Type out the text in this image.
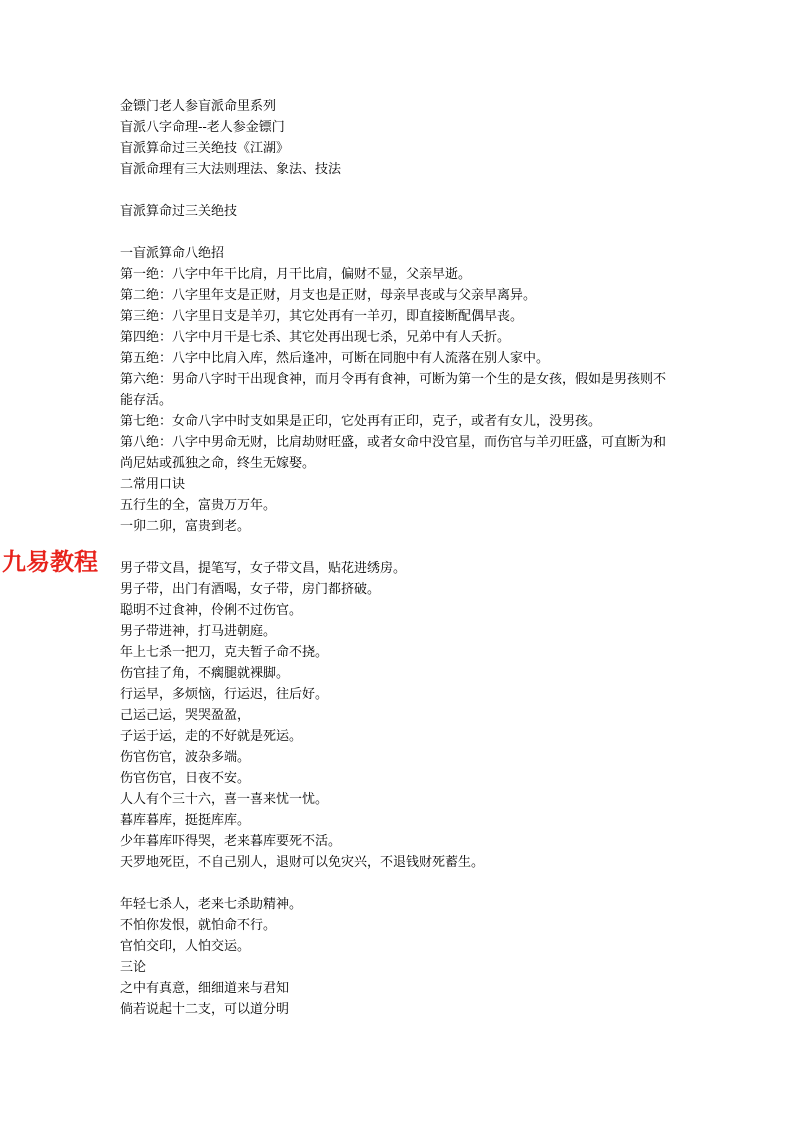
金镖门老人参盲派命里系列
盲派八字命理--老人参金镖门
盲派算命过三关绝技《江湖》
盲派命理有三大法则理法、象法、技法
盲派算命过三关绝技
一盲派算命八绝招
第一绝：八字中年干比肩，月干比肩，偏财不显，父亲早逝。
第二绝：八字里年支是正财，月支也是正财，母亲早丧或与父亲早离异。
第三绝：八字里日支是羊刃，其它处再有一羊刃，即直接断配偶早丧。
第四绝：八字中月干是七杀、其它处再出现七杀，兄弟中有人夭折。
第五绝：八字中比肩入库，然后逢冲，可断在同胞中有人流落在别人家中。
第六绝：男命八字时干出现食神，而月令再有食神，可断为第一个生的是女孩，假如是男孩则不能存活。
第七绝：女命八字中时支如果是正印，它处再有正印，克子，或者有女儿，没男孩。
第八绝：八字中男命无财，比肩劫财旺盛，或者女命中没官星，而伤官与羊刃旺盛，可直断为和尚尼姑或孤独之命，终生无嫁娶。
二常用口诀
五行生的全，富贵万万年。
一卯二卯，富贵到老。
男子带文昌，提笔写，女子带文昌，贴花进绣房。
男子带，出门有酒喝，女子带，房门都挤破。
聪明不过食神，伶俐不过伤官。
男子带进神，打马进朝庭。
年上七杀一把刀，克夫暂子命不挠。
伤官挂了角，不瘸腿就裸脚。
行运早，多烦恼，行运迟，往后好。
己运己运，哭哭盈盈，
子运于运，走的不好就是死运。
伤官伤官，波杂多端。
伤官伤官，日夜不安。
人人有个三十六，喜一喜来忧一忧。
暮库暮库，挺挺库库。
少年暮库吓得哭，老来暮库要死不活。
天罗地死臣，不自己别人，退财可以免灾兴，不退钱财死蓄生。
年轻七杀人，老来七杀助精神。
不怕你发恨，就怕命不行。
官怕交印，人怕交运。
三论
之中有真意，细细道来与君知
倘若说起十二支，可以道分明
九易教程
